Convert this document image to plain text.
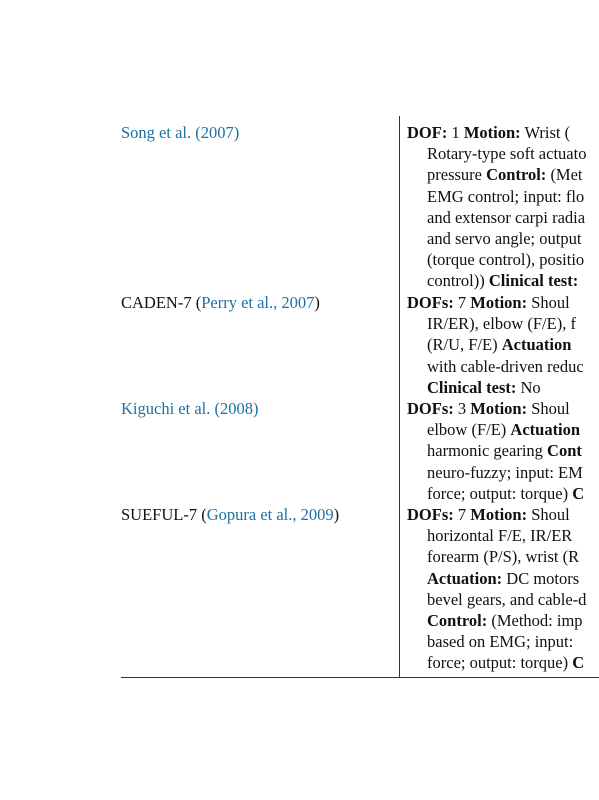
Song et al. (2007)	DOF: 1 Motion: Wrist (
Rotary-type soft actuato
pressure Control: (Met
EMG control; input: flo
and extensor carpi radia
and servo angle; output
(torque control), positio
control)) Clinical test:
CADEN-7 (Perry et al., 2007)	DOFs: 7 Motion: Shoul
IR/ER), elbow (F/E), f
(R/U, F/E) Actuation
with cable-driven reduc
Clinical test: No
Kiguchi et al. (2008)	DOFs: 3 Motion: Shoul
elbow (F/E) Actuation
harmonic gearing Cont
neuro-fuzzy; input: EM
force; output: torque) C
SUEFUL-7 (Gopura et al., 2009)	DOFs: 7 Motion: Shoul
horizontal F/E, IR/ER
forearm (P/S), wrist (R
Actuation: DC motors
bevel gears, and cable-d
Control: (Method: imp
based on EMG; input:
force; output: torque) C
